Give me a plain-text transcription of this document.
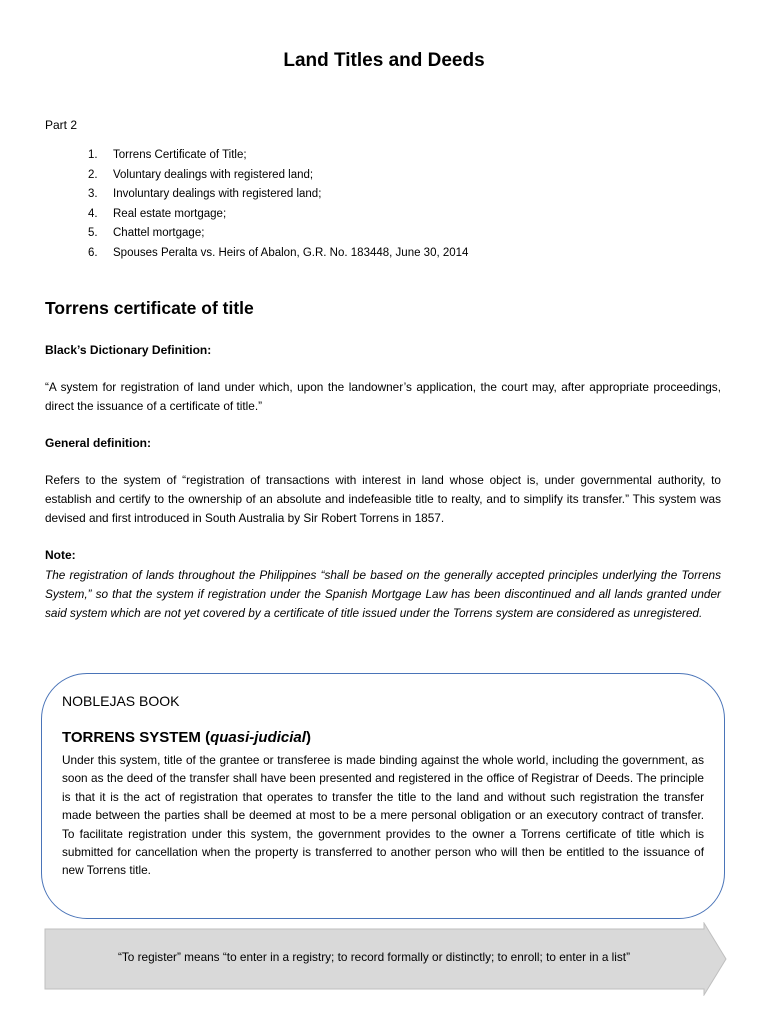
Land Titles and Deeds
Part 2
1.	Torrens Certificate of Title;
2.	Voluntary dealings with registered land;
3.	Involuntary dealings with registered land;
4.	Real estate mortgage;
5.	Chattel mortgage;
6.	Spouses Peralta vs. Heirs of Abalon, G.R. No. 183448, June 30, 2014
Torrens certificate of title
Black’s Dictionary Definition:

“A system for registration of land under which, upon the landowner’s application, the court may, after appropriate proceedings, direct the issuance of a certificate of title.”

General definition:

Refers to the system of “registration of transactions with interest in land whose object is, under governmental authority, to establish and certify to the ownership of an absolute and indefeasible title to realty, and to simplify its transfer.” This system was devised and first introduced in South Australia by Sir Robert Torrens in 1857.

Note:

The registration of lands throughout the Philippines “shall be based on the generally accepted principles underlying the Torrens System,” so that the system if registration under the Spanish Mortgage Law has been discontinued and all lands granted under said system which are not yet covered by a certificate of title issued under the Torrens system are considered as unregistered.

NOBLEJAS BOOK
TORRENS SYSTEM (quasi-judicial)

Under this system, title of the grantee or transferee is made binding against the whole world, including the government, as soon as the deed of the transfer shall have been presented and registered in the office of Registrar of Deeds. The principle is that it is the act of registration that operates to transfer the title to the land and without such registration the transfer made between the parties shall be deemed at most to be a mere personal obligation or an executory contract of transfer. To facilitate registration under this system, the government provides to the owner a Torrens certificate of title which is submitted for cancellation when the property is transferred to another person who will then be entitled to the issuance of new Torrens title.

“To register” means “to enter in a registry; to record formally or distinctly; to enroll; to enter in a list”
